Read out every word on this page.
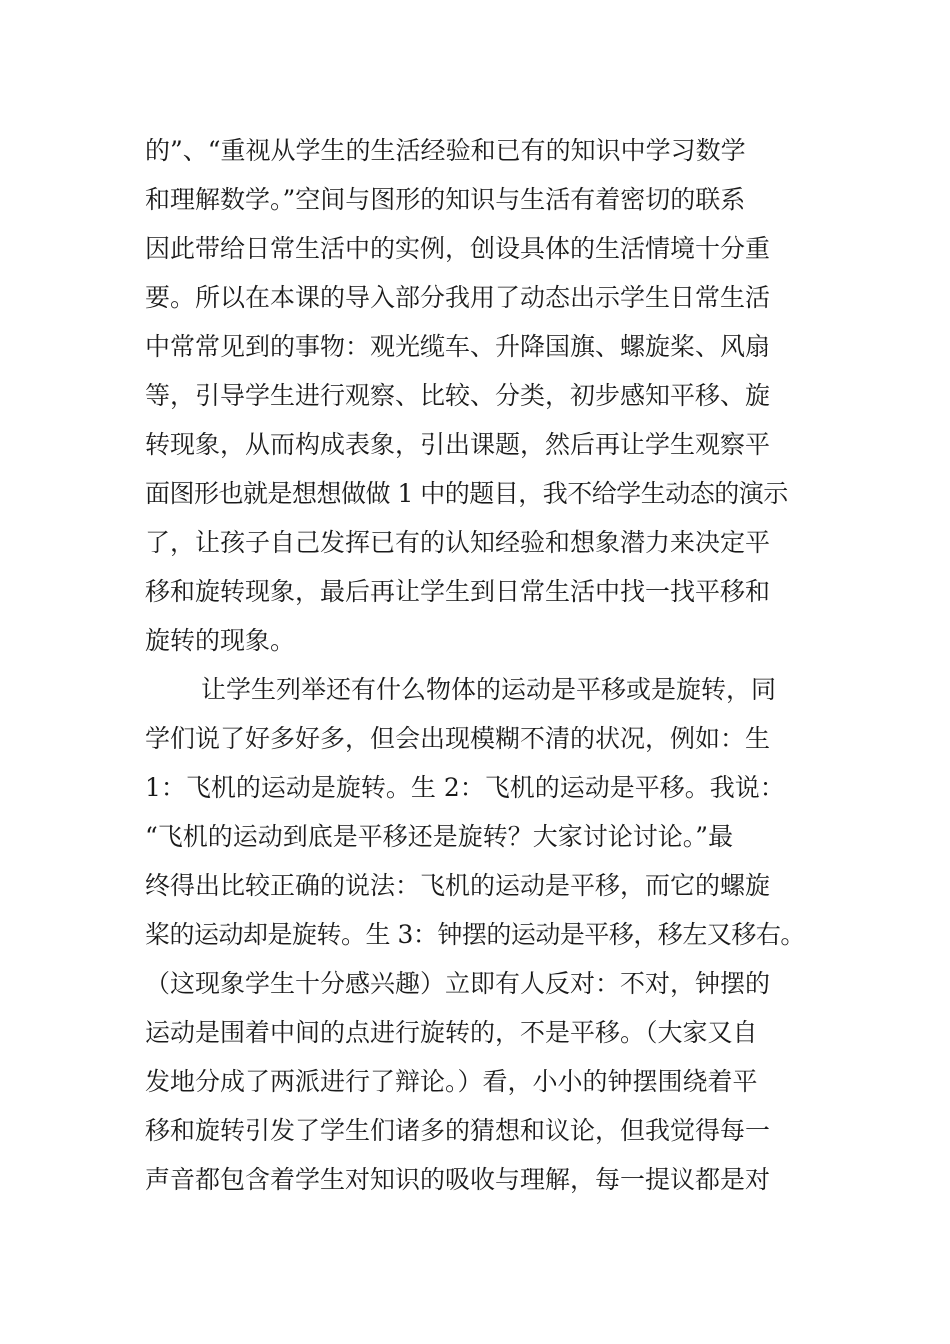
的”、“重视从学生的生活经验和已有的知识中学习数学
和理解数学。”空间与图形的知识与生活有着密切的联系
因此带给日常生活中的实例，创设具体的生活情境十分重
要。所以在本课的导入部分我用了动态出示学生日常生活
中常常见到的事物：观光缆车、升降国旗、螺旋桨、风扇
等，引导学生进行观察、比较、分类，初步感知平移、旋
转现象，从而构成表象，引出课题，然后再让学生观察平
面图形也就是想想做做 1 中的题目，我不给学生动态的演示
了，让孩子自己发挥已有的认知经验和想象潜力来决定平
移和旋转现象，最后再让学生到日常生活中找一找平移和
旋转的现象。
让学生列举还有什么物体的运动是平移或是旋转，同
学们说了好多好多，但会出现模糊不清的状况，例如：生
1：飞机的运动是旋转。生 2：飞机的运动是平移。我说：
“飞机的运动到底是平移还是旋转？大家讨论讨论。”最
终得出比较正确的说法：飞机的运动是平移，而它的螺旋
桨的运动却是旋转。生 3：钟摆的运动是平移，移左又移右。
（这现象学生十分感兴趣）立即有人反对：不对，钟摆的
运动是围着中间的点进行旋转的，不是平移。（大家又自
发地分成了两派进行了辩论。）看，小小的钟摆围绕着平
移和旋转引发了学生们诸多的猜想和议论，但我觉得每一
声音都包含着学生对知识的吸收与理解，每一提议都是对
